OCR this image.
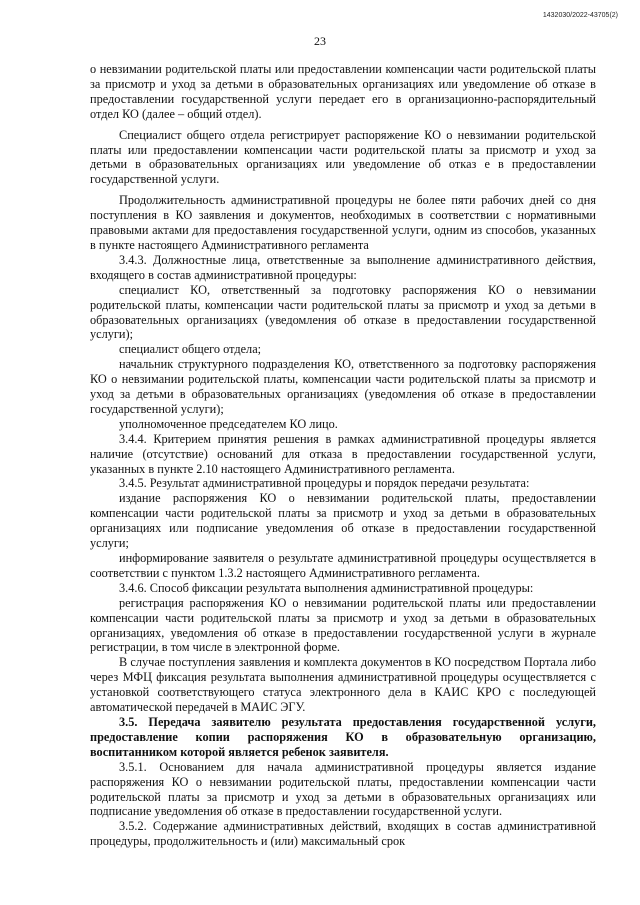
1432030/2022-43705(2)
23

о невзимании родительской платы или предоставлении компенсации части родительской платы за присмотр и уход за детьми в образовательных организациях или уведомление об отказе в предоставлении государственной услуги передает его в организационно-распорядительный отдел КО (далее – общий отдел).

Специалист общего отдела регистрирует распоряжение КО о невзимании родительской платы или предоставлении компенсации части родительской платы за присмотр и уход за детьми в образовательных организациях или уведомление об отказ е в предоставлении государственной услуги.

Продолжительность административной процедуры не более пяти рабочих дней со дня поступления в КО заявления и документов, необходимых в соответствии с нормативными правовыми актами для предоставления государственной услуги, одним из способов, указанных в пункте настоящего Административного регламента

3.4.3. Должностные лица, ответственные за выполнение административного действия, входящего в состав административной процедуры:

специалист КО, ответственный за подготовку распоряжения КО о невзимании родительской платы, компенсации части родительской платы за присмотр и уход за детьми в образовательных организациях (уведомления об отказе в предоставлении государственной услуги);

специалист общего отдела;

начальник структурного подразделения КО, ответственного за подготовку распоряжения КО о невзимании родительской платы, компенсации части родительской платы за присмотр и уход за детьми в образовательных организациях (уведомления об отказе в предоставлении государственной услуги);

уполномоченное председателем КО лицо.

3.4.4. Критерием принятия решения в рамках административной процедуры является наличие (отсутствие) оснований для отказа в предоставлении государственной услуги, указанных в пункте 2.10 настоящего Административного регламента.

3.4.5. Результат административной процедуры и порядок передачи результата:

издание распоряжения КО о невзимании родительской платы, предоставлении компенсации части родительской платы за присмотр и уход за детьми в образовательных организациях или подписание уведомления об отказе в предоставлении государственной услуги;

информирование заявителя о результате административной процедуры осуществляется в соответствии с пунктом 1.3.2 настоящего Административного регламента.

3.4.6. Способ фиксации результата выполнения административной процедуры:

регистрация распоряжения КО о невзимании родительской платы или предоставлении компенсации части родительской платы за присмотр и уход за детьми в образовательных организациях, уведомления об отказе в предоставлении государственной услуги в журнале регистрации, в том числе в электронной форме.

В случае поступления заявления и комплекта документов в КО посредством Портала либо через МФЦ фиксация результата выполнения административной процедуры осуществляется с установкой соответствующего статуса электронного дела в КАИС КРО с последующей автоматической передачей в МАИС ЭГУ.

3.5. Передача заявителю результата предоставления государственной услуги, предоставление копии распоряжения КО в образовательную организацию, воспитанником которой является ребенок заявителя.

3.5.1. Основанием для начала административной процедуры является издание распоряжения КО о невзимании родительской платы, предоставлении компенсации части родительской платы за присмотр и уход за детьми в образовательных организациях или подписание уведомления об отказе в предоставлении государственной услуги.

3.5.2. Содержание административных действий, входящих в состав административной процедуры, продолжительность и (или) максимальный срок
